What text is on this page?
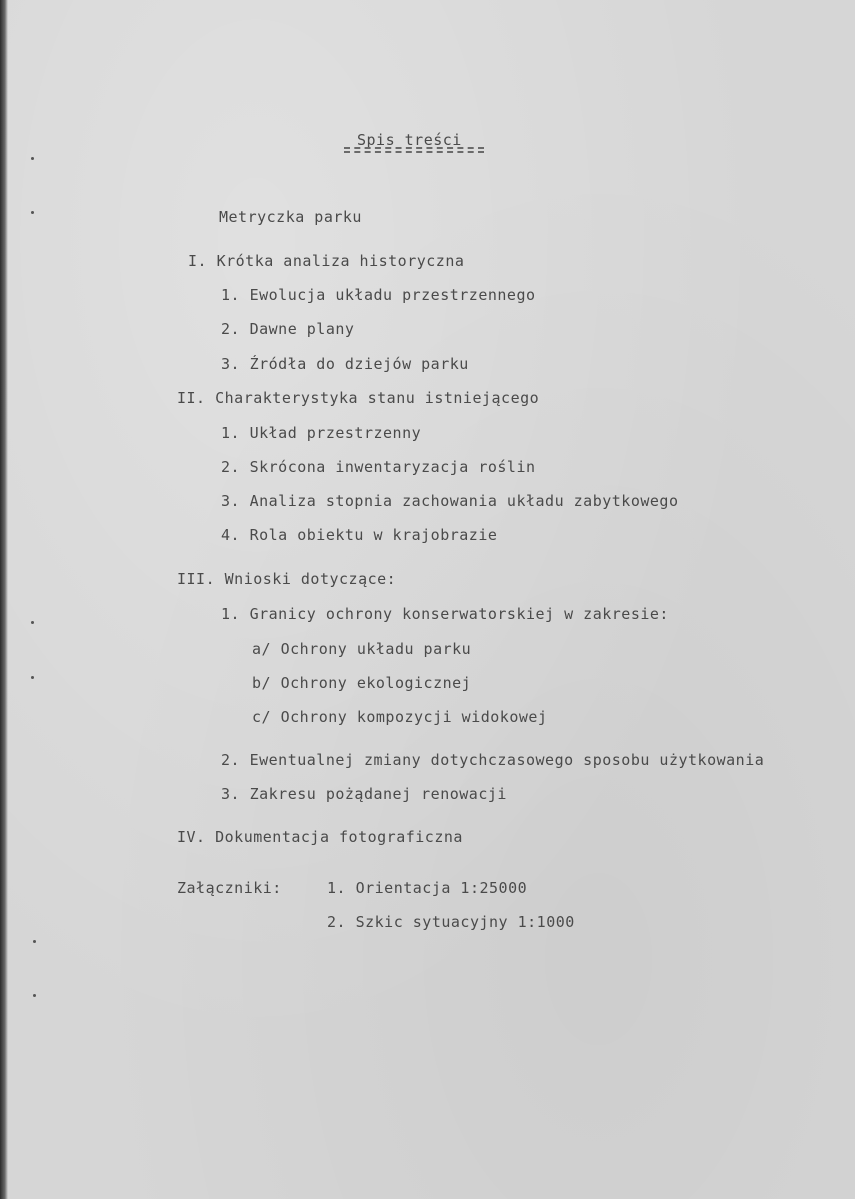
Spis treści
Metryczka parku
I. Krótka analiza historyczna
1. Ewolucja układu przestrzennego
2. Dawne plany
3. Źródła do dziejów parku
II. Charakterystyka stanu istniejącego
1. Układ przestrzenny
2. Skrócona inwentaryzacja roślin
3. Analiza stopnia zachowania układu zabytkowego
4. Rola obiektu w krajobrazie
III. Wnioski dotyczące:
1. Granicy ochrony konserwatorskiej w zakresie:
a/ Ochrony układu parku
b/ Ochrony ekologicznej
c/ Ochrony kompozycji widokowej
2. Ewentualnej zmiany dotychczasowego sposobu użytkowania
3. Zakresu pożądanej renowacji
IV. Dokumentacja fotograficzna
Załączniki:	1. Orientacja 1:25000
2. Szkic sytuacyjny 1:1000
